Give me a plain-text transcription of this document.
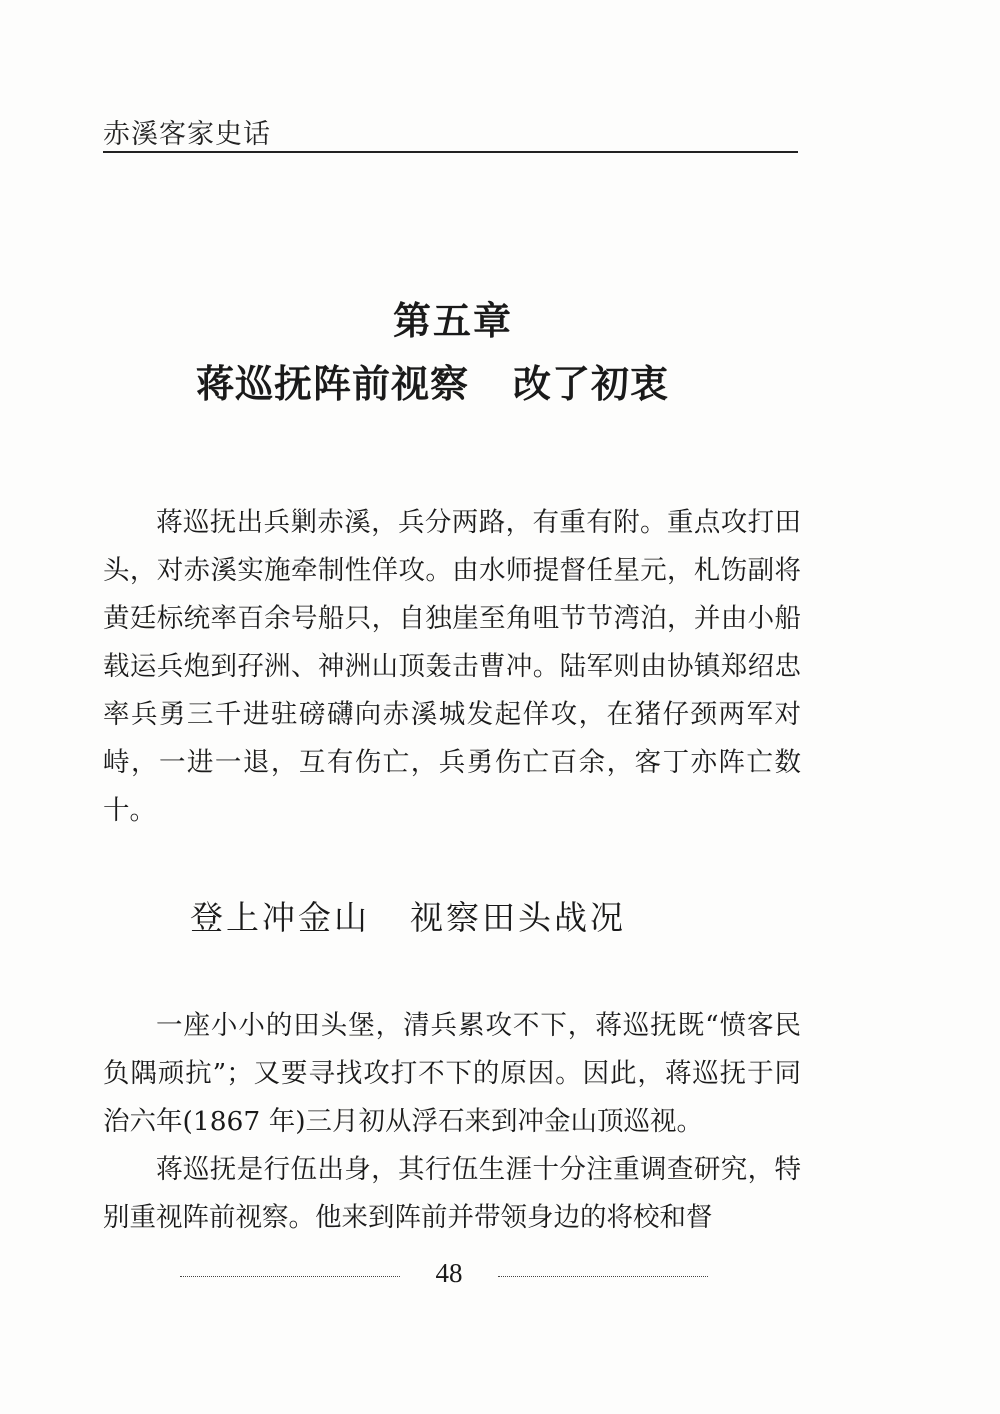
赤溪客家史话
第五章
蒋巡抚阵前视察 改了初衷

蒋巡抚出兵剿赤溪，兵分两路，有重有附。重点攻打田头，对赤溪实施牵制性佯攻。由水师提督任星元，札饬副将黄廷标统率百余号船只，自独崖至角咀节节湾泊，并由小船载运兵炮到孖洲、神洲山顶轰击曹冲。陆军则由协镇郑绍忠率兵勇三千进驻磅礴向赤溪城发起佯攻，在猪仔颈两军对峙，一进一退，互有伤亡，兵勇伤亡百余，客丁亦阵亡数十。

登上冲金山 视察田头战况

一座小小的田头堡，清兵累攻不下，蒋巡抚既“愤客民负隅顽抗”；又要寻找攻打不下的原因。因此，蒋巡抚于同治六年(1867 年)三月初从浮石来到冲金山顶巡视。

蒋巡抚是行伍出身，其行伍生涯十分注重调查研究，特别重视阵前视察。他来到阵前并带领身边的将校和督

48
